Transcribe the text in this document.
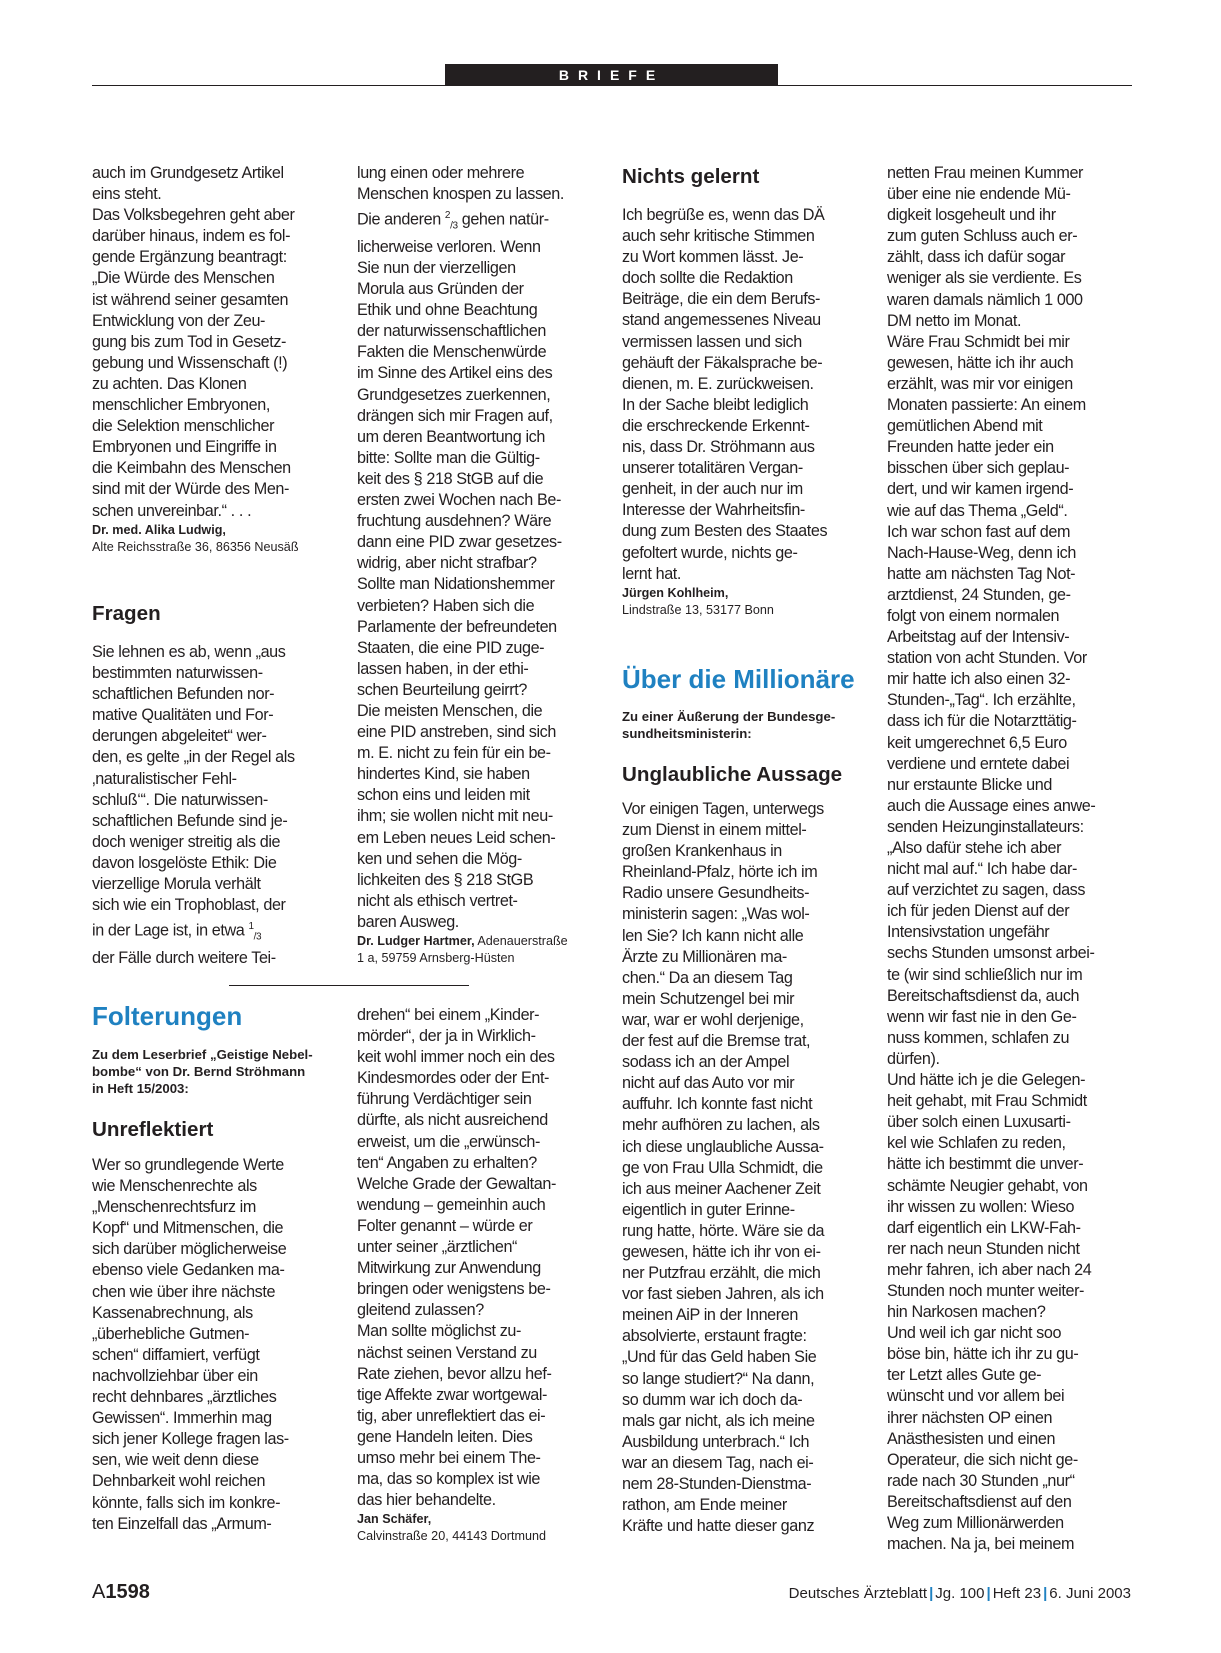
BRIEFE
auch im Grundgesetz Artikel
eins steht.
Das Volksbegehren geht aber
darüber hinaus, indem es fol-
gende Ergänzung beantragt:
„Die Würde des Menschen
ist während seiner gesamten
Entwicklung von der Zeu-
gung bis zum Tod in Gesetz-
gebung und Wissenschaft (!)
zu achten. Das Klonen
menschlicher Embryonen,
die Selektion menschlicher
Embryonen und Eingriffe in
die Keimbahn des Menschen
sind mit der Würde des Men-
schen unvereinbar.“ . . .
Dr. med. Alika Ludwig,
Alte Reichsstraße 36, 86356 Neusäß
Fragen
Sie lehnen es ab, wenn „aus
bestimmten naturwissen-
schaftlichen Befunden nor-
mative Qualitäten und For-
derungen abgeleitet“ wer-
den, es gelte „in der Regel als
‚naturalistischer Fehl-
schluß‘“. Die naturwissen-
schaftlichen Befunde sind je-
doch weniger streitig als die
davon losgelöste Ethik: Die
vierzellige Morula verhält
sich wie ein Trophoblast, der
in der Lage ist, in etwa $^1_{/3}$
der Fälle durch weitere Tei-
lung einen oder mehrere
Menschen knospen zu lassen.
Die anderen $^2_{/3}$ gehen natür-
licherweise verloren. Wenn
Sie nun der vierzelligen
Morula aus Gründen der
Ethik und ohne Beachtung
der naturwissenschaftlichen
Fakten die Menschenwürde
im Sinne des Artikel eins des
Grundgesetzes zuerkennen,
drängen sich mir Fragen auf,
um deren Beantwortung ich
bitte: Sollte man die Gültig-
keit des § 218 StGB auf die
ersten zwei Wochen nach Be-
fruchtung ausdehnen? Wäre
dann eine PID zwar gesetzes-
widrig, aber nicht strafbar?
Sollte man Nidationshemmer
verbieten? Haben sich die
Parlamente der befreundeten
Staaten, die eine PID zuge-
lassen haben, in der ethi-
schen Beurteilung geirrt?
Die meisten Menschen, die
eine PID anstreben, sind sich
m. E. nicht zu fein für ein be-
hindertes Kind, sie haben
schon eins und leiden mit
ihm; sie wollen nicht mit neu-
em Leben neues Leid schen-
ken und sehen die Mög-
lichkeiten des § 218 StGB
nicht als ethisch vertret-
baren Ausweg.
Dr. Ludger Hartmer, Adenauerstraße
1 a, 59759 Arnsberg-Hüsten
Folterungen
Zu dem Leserbrief „Geistige Nebel-
bombe“ von Dr. Bernd Ströhmann
in Heft 15/2003:
Unreflektiert
Wer so grundlegende Werte
wie Menschenrechte als
„Menschenrechtsfurz im
Kopf“ und Mitmenschen, die
sich darüber möglicherweise
ebenso viele Gedanken ma-
chen wie über ihre nächste
Kassenabrechnung, als
„überhebliche Gutmen-
schen“ diffamiert, verfügt
nachvollziehbar über ein
recht dehnbares „ärztliches
Gewissen“. Immerhin mag
sich jener Kollege fragen las-
sen, wie weit denn diese
Dehnbarkeit wohl reichen
könnte, falls sich im konkre-
ten Einzelfall das „Armum-
drehen“ bei einem „Kinder-
mörder“, der ja in Wirklich-
keit wohl immer noch ein des
Kindesmordes oder der Ent-
führung Verdächtiger sein
dürfte, als nicht ausreichend
erweist, um die „erwünsch-
ten“ Angaben zu erhalten?
Welche Grade der Gewaltan-
wendung – gemeinhin auch
Folter genannt – würde er
unter seiner „ärztlichen“
Mitwirkung zur Anwendung
bringen oder wenigstens be-
gleitend zulassen?
Man sollte möglichst zu-
nächst seinen Verstand zu
Rate ziehen, bevor allzu hef-
tige Affekte zwar wortgewal-
tig, aber unreflektiert das ei-
gene Handeln leiten. Dies
umso mehr bei einem The-
ma, das so komplex ist wie
das hier behandelte.
Jan Schäfer,
Calvinstraße 20, 44143 Dortmund
Nichts gelernt
Ich begrüße es, wenn das DÄ
auch sehr kritische Stimmen
zu Wort kommen lässt. Je-
doch sollte die Redaktion
Beiträge, die ein dem Berufs-
stand angemessenes Niveau
vermissen lassen und sich
gehäuft der Fäkalsprache be-
dienen, m. E. zurückweisen.
In der Sache bleibt lediglich
die erschreckende Erkennt-
nis, dass Dr. Ströhmann aus
unserer totalitären Vergan-
genheit, in der auch nur im
Interesse der Wahrheitsfin-
dung zum Besten des Staates
gefoltert wurde, nichts ge-
lernt hat.
Jürgen Kohlheim,
Lindstraße 13, 53177 Bonn
Über die Millionäre
Zu einer Äußerung der Bundesge-
sundheitsministerin:
Unglaubliche Aussage
Vor einigen Tagen, unterwegs
zum Dienst in einem mittel-
großen Krankenhaus in
Rheinland-Pfalz, hörte ich im
Radio unsere Gesundheits-
ministerin sagen: „Was wol-
len Sie? Ich kann nicht alle
Ärzte zu Millionären ma-
chen.“ Da an diesem Tag
mein Schutzengel bei mir
war, war er wohl derjenige,
der fest auf die Bremse trat,
sodass ich an der Ampel
nicht auf das Auto vor mir
auffuhr. Ich konnte fast nicht
mehr aufhören zu lachen, als
ich diese unglaubliche Aussa-
ge von Frau Ulla Schmidt, die
ich aus meiner Aachener Zeit
eigentlich in guter Erinne-
rung hatte, hörte. Wäre sie da
gewesen, hätte ich ihr von ei-
ner Putzfrau erzählt, die mich
vor fast sieben Jahren, als ich
meinen AiP in der Inneren
absolvierte, erstaunt fragte:
„Und für das Geld haben Sie
so lange studiert?“ Na dann,
so dumm war ich doch da-
mals gar nicht, als ich meine
Ausbildung unterbrach.“ Ich
war an diesem Tag, nach ei-
nem 28-Stunden-Dienstma-
rathon, am Ende meiner
Kräfte und hatte dieser ganz
netten Frau meinen Kummer
über eine nie endende Mü-
digkeit losgeheult und ihr
zum guten Schluss auch er-
zählt, dass ich dafür sogar
weniger als sie verdiente. Es
waren damals nämlich 1 000
DM netto im Monat.
Wäre Frau Schmidt bei mir
gewesen, hätte ich ihr auch
erzählt, was mir vor einigen
Monaten passierte: An einem
gemütlichen Abend mit
Freunden hatte jeder ein
bisschen über sich geplau-
dert, und wir kamen irgend-
wie auf das Thema „Geld“.
Ich war schon fast auf dem
Nach-Hause-Weg, denn ich
hatte am nächsten Tag Not-
arztdienst, 24 Stunden, ge-
folgt von einem normalen
Arbeitstag auf der Intensiv-
station von acht Stunden. Vor
mir hatte ich also einen 32-
Stunden-„Tag“. Ich erzählte,
dass ich für die Notarzttätig-
keit umgerechnet 6,5 Euro
verdiene und erntete dabei
nur erstaunte Blicke und
auch die Aussage eines anwe-
senden Heizunginstallateurs:
„Also dafür stehe ich aber
nicht mal auf.“ Ich habe dar-
auf verzichtet zu sagen, dass
ich für jeden Dienst auf der
Intensivstation ungefähr
sechs Stunden umsonst arbei-
te (wir sind schließlich nur im
Bereitschaftsdienst da, auch
wenn wir fast nie in den Ge-
nuss kommen, schlafen zu
dürfen).
Und hätte ich je die Gelegen-
heit gehabt, mit Frau Schmidt
über solch einen Luxusarti-
kel wie Schlafen zu reden,
hätte ich bestimmt die unver-
schämte Neugier gehabt, von
ihr wissen zu wollen: Wieso
darf eigentlich ein LKW-Fah-
rer nach neun Stunden nicht
mehr fahren, ich aber nach 24
Stunden noch munter weiter-
hin Narkosen machen?
Und weil ich gar nicht soo
böse bin, hätte ich ihr zu gu-
ter Letzt alles Gute ge-
wünscht und vor allem bei
ihrer nächsten OP einen
Anästhesisten und einen
Operateur, die sich nicht ge-
rade nach 30 Stunden „nur“
Bereitschaftsdienst auf den
Weg zum Millionärwerden
machen. Na ja, bei meinem
A1598	Deutsches Ärzteblatt | Jg. 100 | Heft 23 | 6. Juni 2003
